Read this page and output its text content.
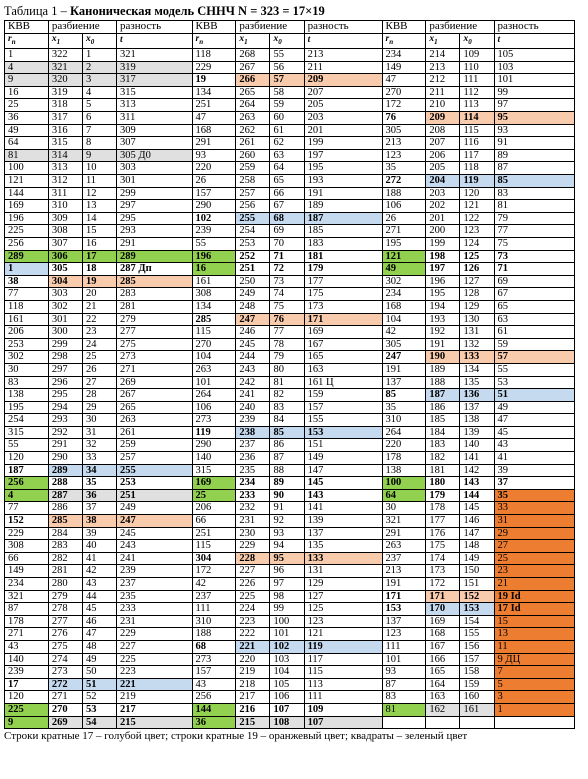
Таблица 1 – Каноническая модель СННЧ N = 323 = 17×19
КВВ	разбиение		разность	КВВ	разбиение		разность	КВВ	разбиение		разность
$r_n$	$x_1$	$x_0$	t	$r_n$	$x_1$	$x_0$	t	$r_n$	$x_1$	$x_0$	t
1	322	1	321	118	268	55	213	234	214	109	105
4	321	2	319	229	267	56	211	149	213	110	103
9	320	3	317	19	266	57	209	47	212	111	101
16	319	4	315	134	265	58	207	270	211	112	99
25	318	5	313	251	264	59	205	172	210	113	97
36	317	6	311	47	263	60	203	76	209	114	95
49	316	7	309	168	262	61	201	305	208	115	93
64	315	8	307	291	261	62	199	213	207	116	91
81	314	9	305 Д0	93	260	63	197	123	206	117	89
100	313	10	303	220	259	64	195	35	205	118	87
121	312	11	301	26	258	65	193	272	204	119	85
144	311	12	299	157	257	66	191	188	203	120	83
169	310	13	297	290	256	67	189	106	202	121	81
196	309	14	295	102	255	68	187	26	201	122	79
225	308	15	293	239	254	69	185	271	200	123	77
256	307	16	291	55	253	70	183	195	199	124	75
289	306	17	289	196	252	71	181	121	198	125	73
1	305	18	287 Дп	16	251	72	179	49	197	126	71
38	304	19	285	161	250	73	177	302	196	127	69
77	303	20	283	308	249	74	175	234	195	128	67
118	302	21	281	134	248	75	173	168	194	129	65
161	301	22	279	285	247	76	171	104	193	130	63
206	300	23	277	115	246	77	169	42	192	131	61
253	299	24	275	270	245	78	167	305	191	132	59
302	298	25	273	104	244	79	165	247	190	133	57
30	297	26	271	263	243	80	163	191	189	134	55
83	296	27	269	101	242	81	161 Ц	137	188	135	53
138	295	28	267	264	241	82	159	85	187	136	51
195	294	29	265	106	240	83	157	35	186	137	49
254	293	30	263	273	239	84	155	310	185	138	47
315	292	31	261	119	238	85	153	264	184	139	45
55	291	32	259	290	237	86	151	220	183	140	43
120	290	33	257	140	236	87	149	178	182	141	41
187	289	34	255	315	235	88	147	138	181	142	39
256	288	35	253	169	234	89	145	100	180	143	37
4	287	36	251	25	233	90	143	64	179	144	35
77	286	37	249	206	232	91	141	30	178	145	33
152	285	38	247	66	231	92	139	321	177	146	31
229	284	39	245	251	230	93	137	291	176	147	29
308	283	40	243	115	229	94	135	263	175	148	27
66	282	41	241	304	228	95	133	237	174	149	25
149	281	42	239	172	227	96	131	213	173	150	23
234	280	43	237	42	226	97	129	191	172	151	21
321	279	44	235	237	225	98	127	171	171	152	19 Id
87	278	45	233	111	224	99	125	153	170	153	17 Id
178	277	46	231	310	223	100	123	137	169	154	15
271	276	47	229	188	222	101	121	123	168	155	13
43	275	48	227	68	221	102	119	111	167	156	11
140	274	49	225	273	220	103	117	101	166	157	9 ДЦ
239	273	50	223	157	219	104	115	93	165	158	7
17	272	51	221	43	218	105	113	87	164	159	5
120	271	52	219	256	217	106	111	83	163	160	3
225	270	53	217	144	216	107	109	81	162	161	1
9	269	54	215	36	215	108	107				
Строки кратные 17 – голубой цвет; строки кратные 19 – оранжевый цвет; квадраты – зеленый цвет
